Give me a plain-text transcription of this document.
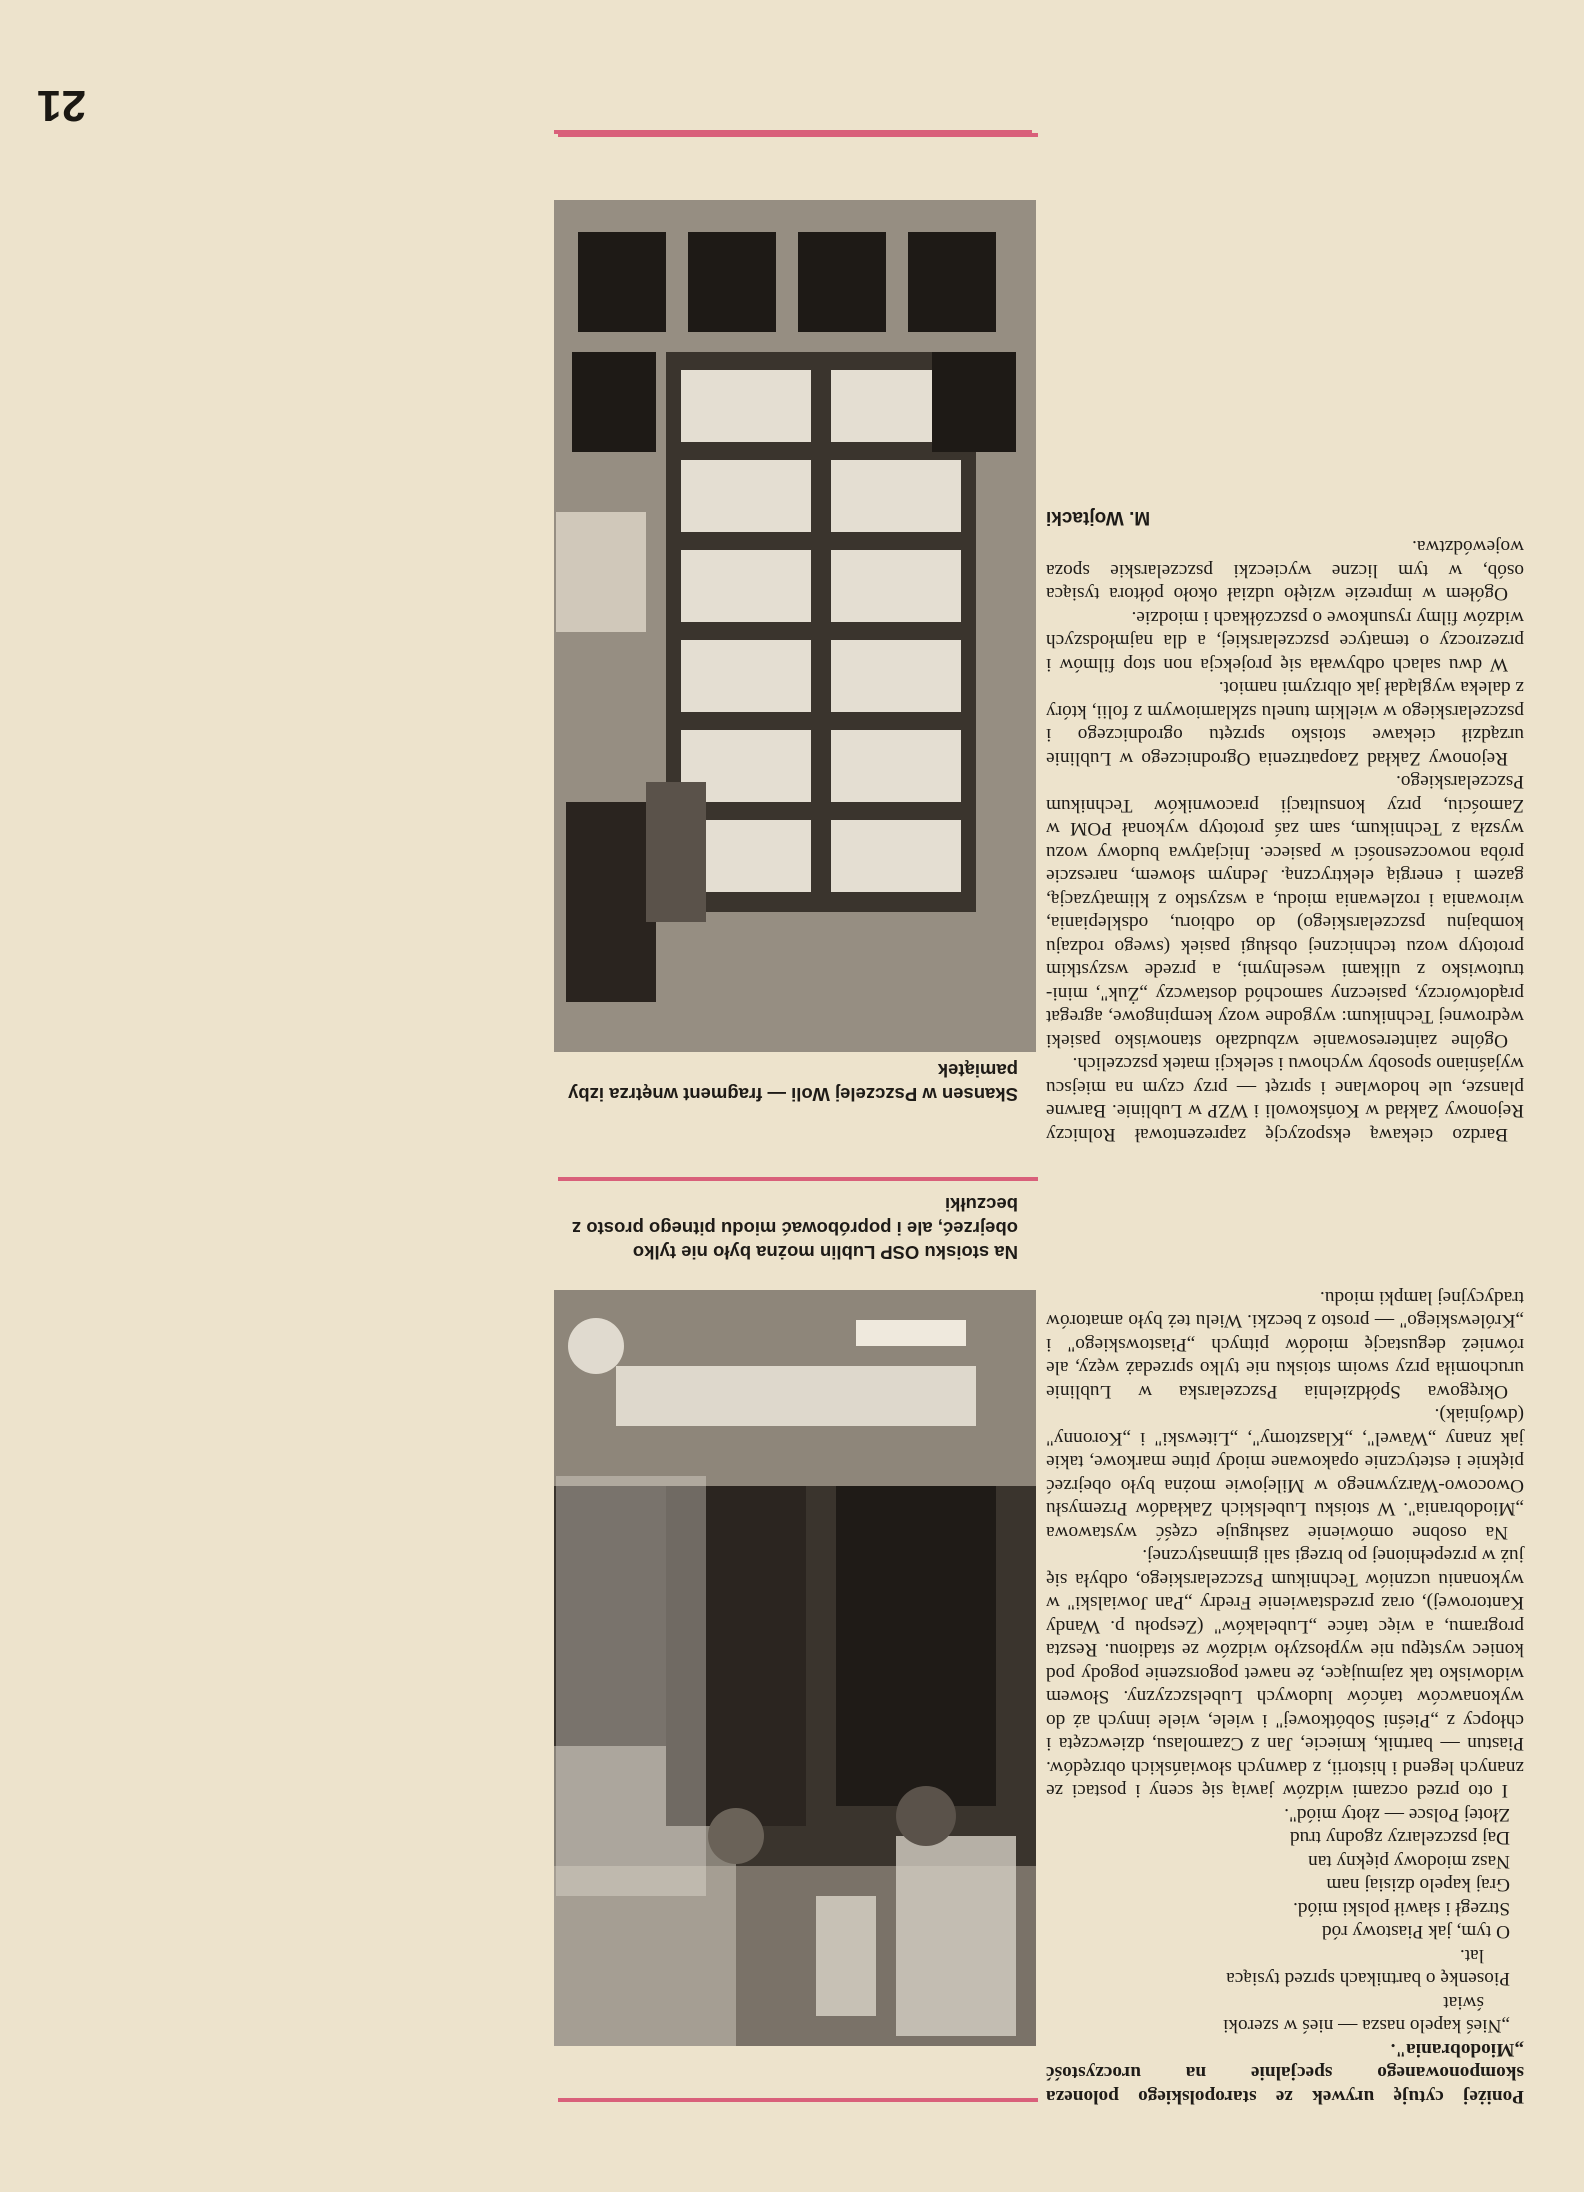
21

Poniżej cytuję urywek ze staropolskiego poloneza skomponowanego specjalnie na uroczystość „Miodobrania".

„Nieś kapelo nasza — nieś w szeroki

świat

Piosenkę o bartnikach sprzed tysiąca

lat.

O tym, jak Piastowy ród

Strzegł i sławił polski miód.

Graj kapelo dzisiaj nam

Nasz miodowy piękny tan

Daj pszczelarzy zgodny trud

Złotej Polsce — złoty miód".

I oto przed oczami widzów jawią się sceny i postaci ze znanych legend i historii, z dawnych słowiańskich obrzędów. Piastun — bartnik, kmiecie, Jan z Czarnolasu, dziewczęta i chłopcy z „Pieśni Sobótkowej" i wiele, wiele innych aż do wykonawców tańców ludowych Lubelszczyzny. Słowem widowisko tak zajmujące, że nawet pogorszenie pogody pod koniec występu nie wypłoszyło widzów ze stadionu. Reszta programu, a więc tańce „Lubelaków" (Zespołu p. Wandy Kantorowej), oraz przedstawienie Fredry „Pan Jowialski" w wykonaniu uczniów Technikum Pszczelarskiego, odbyła się już w przepełnionej po brzegi sali gimnastycznej.

Na osobne omówienie zasługuje część wystawowa „Miodobrania". W stoisku Lubelskich Zakładów Przemysłu Owocowo-Warzywnego w Milejowie można było obejrzeć pięknie i estetycznie opakowane miody pitne markowe, takie jak znany „Wawel", „Klasztorny", „Litewski" i „Koronny" (dwójniak).

Okręgowa Spółdzielnia Pszczelarska w Lublinie uruchomiła przy swoim stoisku nie tylko sprzedaż węzy, ale również degustację miodów pitnych „Piastowskiego" i „Królewskiego" — prosto z beczki. Wielu też było amatorów tradycyjnej lampki miodu.

Na stoisku OSP Lublin można było nie tylko obejrzeć, ale i popróbować miodu pitnego prosto z beczułki
Skansen w Pszczelej Woli — fragment wnętrza izby pamiątek

Bardzo ciekawą ekspozycję zaprezentował Rolniczy Rejonowy Zakład w Końskowoli i WZP w Lublinie. Barwne plansze, ule hodowlane i sprzęt — przy czym na miejscu wyjaśniano sposoby wychowu i selekcji matek pszczelich.

Ogólne zainteresowanie wzbudzało stanowisko pasieki wędrownej Technikum: wygodne wozy kempingowe, agregat prądotwórczy, pasieczny samochód dostawczy „Żuk", mini-trutowisko z ulikami weselnymi, a przede wszystkim prototyp wozu technicznej obsługi pasiek (swego rodzaju kombajnu pszczelarskiego) do odbioru, odsklepiania, wirowania i rozlewania miodu, a wszystko z klimatyzacją, gazem i energią elektryczną. Jednym słowem, nareszcie próba nowoczesności w pasiece. Inicjatywa budowy wozu wyszła z Technikum, sam zaś prototyp wykonał POM w Zamościu, przy konsultacji pracowników Technikum Pszczelarskiego.

Rejonowy Zakład Zaopatrzenia Ogrodniczego w Lublinie urządził ciekawe stoisko sprzętu ogrodniczego i pszczelarskiego w wielkim tunelu szklarniowym z folii, który z daleka wyglądał jak olbrzymi namiot.

W dwu salach odbywała się projekcja non stop filmów i przezroczy o tematyce pszczelarskiej, a dla najmłodszych widzów filmy rysunkowe o pszczółkach i miodzie.

Ogółem w imprezie wzięło udział około półtora tysiąca osób, w tym liczne wycieczki pszczelarskie spoza województwa.

M. Wojtacki
